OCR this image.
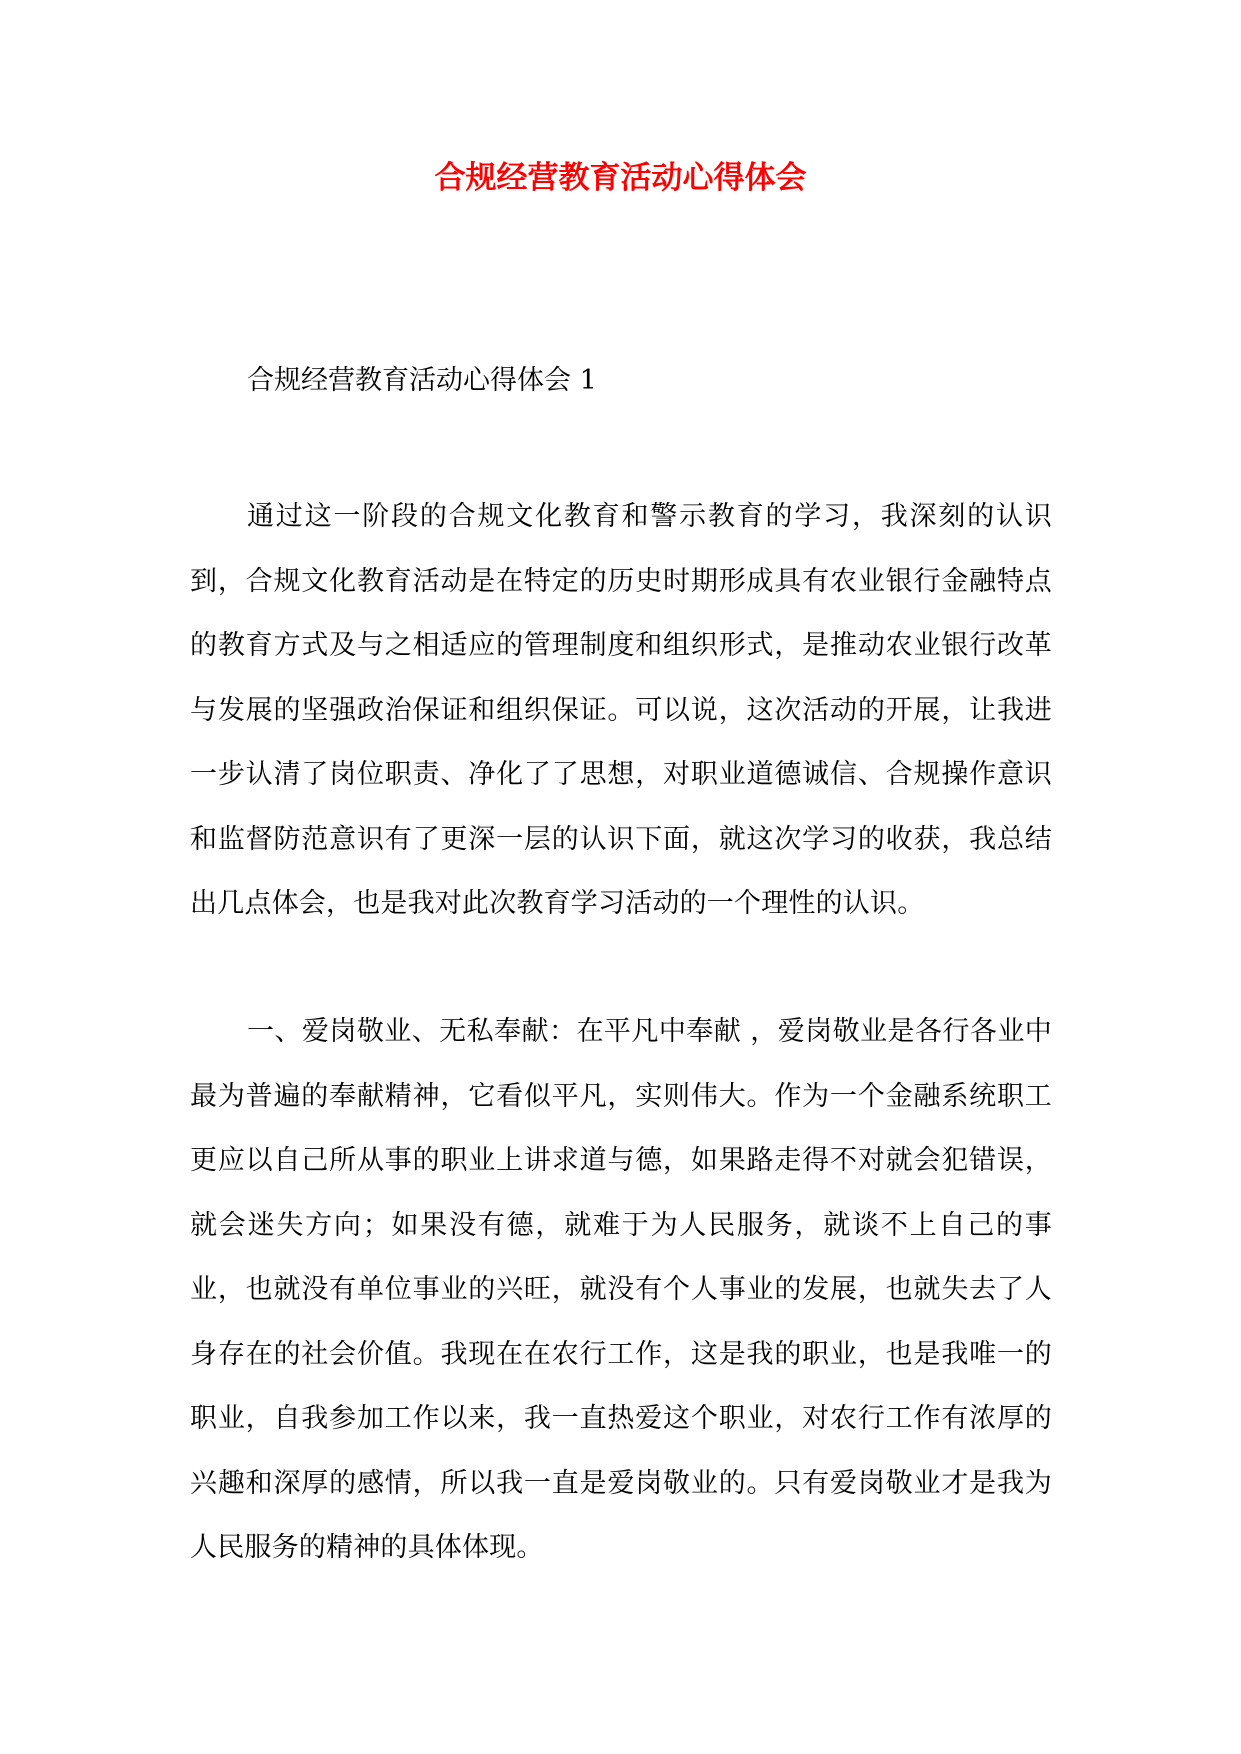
合规经营教育活动心得体会

合规经营教育活动心得体会 1

通过这一阶段的合规文化教育和警示教育的学习，我深刻的认识到，合规文化教育活动是在特定的历史时期形成具有农业银行金融特点的教育方式及与之相适应的管理制度和组织形式，是推动农业银行改革与发展的坚强政治保证和组织保证。可以说，这次活动的开展，让我进一步认清了岗位职责、净化了了思想，对职业道德诚信、合规操作意识和监督防范意识有了更深一层的认识下面，就这次学习的收获，我总结出几点体会，也是我对此次教育学习活动的一个理性的认识。

一、爱岗敬业、无私奉献：在平凡中奉献 ，爱岗敬业是各行各业中最为普遍的奉献精神，它看似平凡，实则伟大。作为一个金融系统职工更应以自己所从事的职业上讲求道与德，如果路走得不对就会犯错误，就会迷失方向；如果没有德，就难于为人民服务，就谈不上自己的事业，也就没有单位事业的兴旺，就没有个人事业的发展，也就失去了人身存在的社会价值。我现在在农行工作，这是我的职业，也是我唯一的职业，自我参加工作以来，我一直热爱这个职业，对农行工作有浓厚的兴趣和深厚的感情，所以我一直是爱岗敬业的。只有爱岗敬业才是我为人民服务的精神的具体体现。
